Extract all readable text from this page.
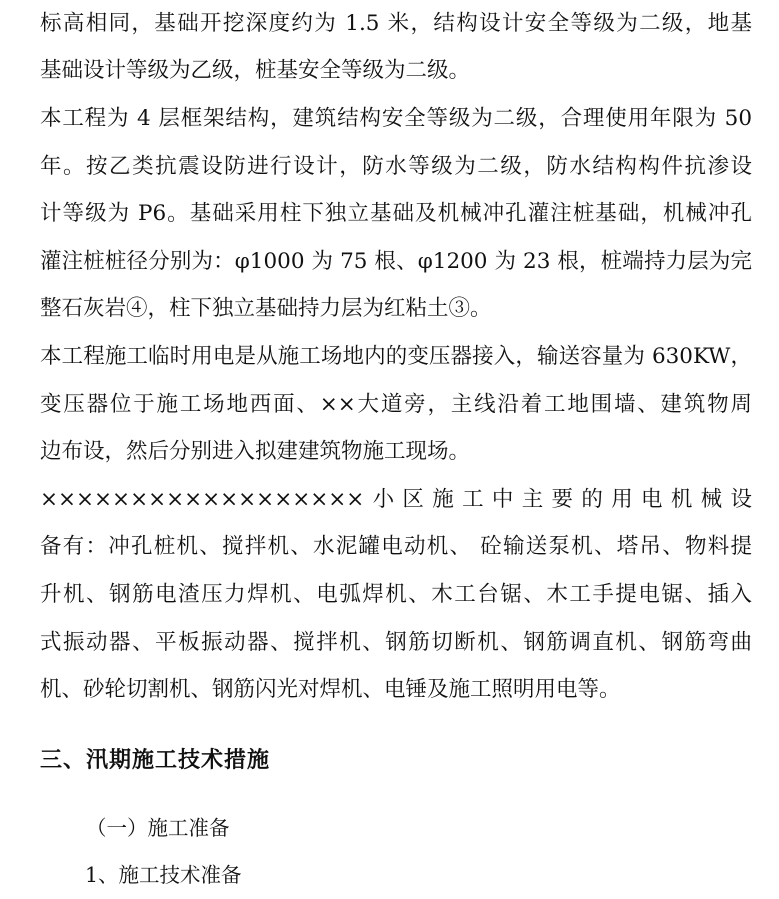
标高相同，基础开挖深度约为 1.5 米，结构设计安全等级为二级，地基
基础设计等级为乙级，桩基安全等级为二级。
本工程为 4 层框架结构，建筑结构安全等级为二级，合理使用年限为 50
年。按乙类抗震设防进行设计，防水等级为二级，防水结构构件抗渗设
计等级为 P6。基础采用柱下独立基础及机械冲孔灌注桩基础，机械冲孔
灌注桩桩径分别为：φ1000 为 75 根、φ1200 为 23 根，桩端持力层为完
整石灰岩④，柱下独立基础持力层为红粘土③。
本工程施工临时用电是从施工场地内的变压器接入，输送容量为 630KW，
变压器位于施工场地西面、××大道旁，主线沿着工地围墙、建筑物周
边布设，然后分别进入拟建建筑物施工现场。
××××××××××××××××××小区施工中主要的用电机械设
备有：冲孔桩机、搅拌机、水泥罐电动机、 砼输送泵机、塔吊、物料提
升机、钢筋电渣压力焊机、电弧焊机、木工台锯、木工手提电锯、插入
式振动器、平板振动器、搅拌机、钢筋切断机、钢筋调直机、钢筋弯曲
机、砂轮切割机、钢筋闪光对焊机、电锤及施工照明用电等。
三、汛期施工技术措施
（一）施工准备
1、施工技术准备
